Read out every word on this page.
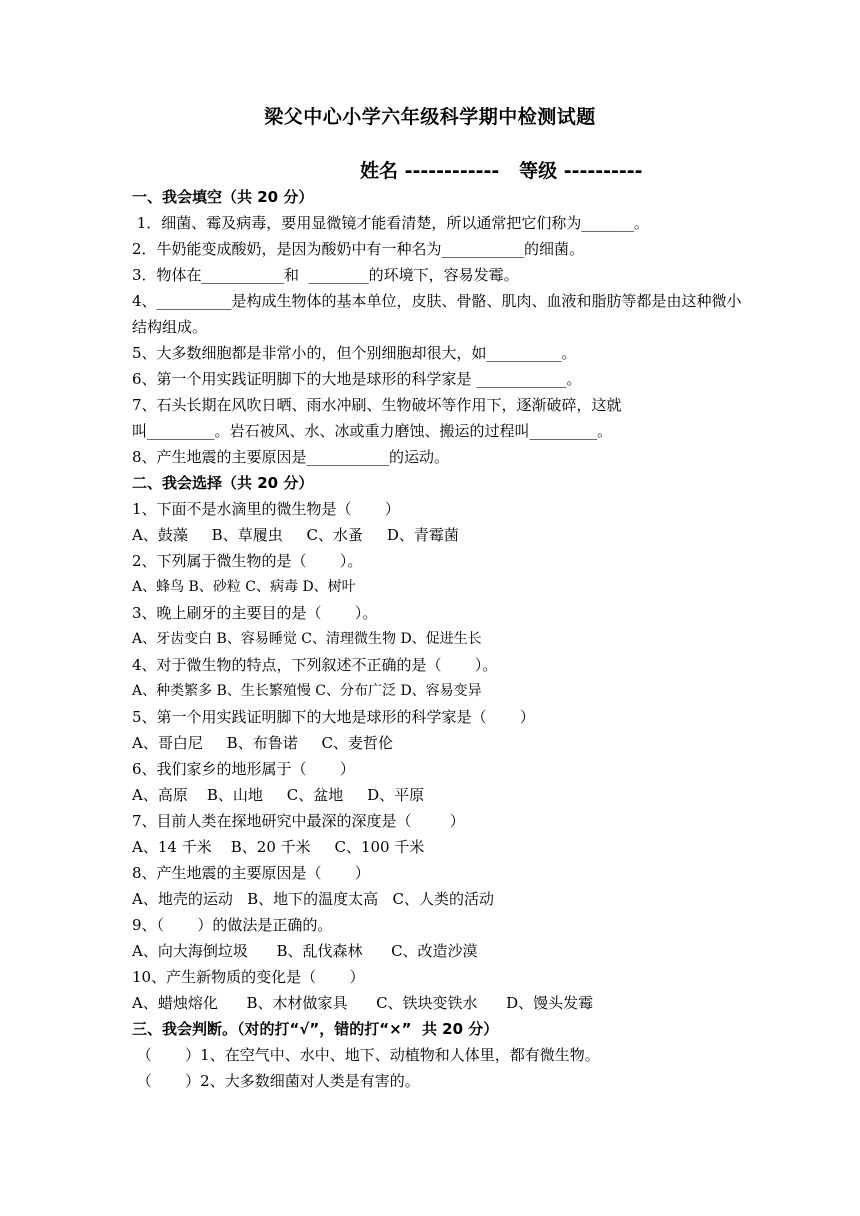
梁父中心小学六年级科学期中检测试题
姓名 ------------   等级 ----------
一、我会填空（共 20 分）
1．细菌、霉及病毒，要用显微镜才能看清楚，所以通常把它们称为_______。
2．牛奶能变成酸奶，是因为酸奶中有一种名为___________的细菌。
3．物体在___________和  ________的环境下，容易发霉。
4、__________是构成生物体的基本单位，皮肤、骨骼、肌肉、血液和脂肪等都是由这种微小结构组成。
5、大多数细胞都是非常小的，但个别细胞却很大，如__________。
6、第一个用实践证明脚下的大地是球形的科学家是 ____________。
7、石头长期在风吹日晒、雨水冲刷、生物破坏等作用下，逐渐破碎，这就
叫_________。岩石被风、水、冰或重力磨蚀、搬运的过程叫_________。
8、产生地震的主要原因是___________的运动。
二、我会选择（共 20 分）
1、下面不是水滴里的微生物是（       ）
A、鼓藻     B、草履虫     C、水蚤     D、青霉菌
2、下列属于微生物的是（       ）。
A、蜂鸟 B、砂粒 C、病毒 D、树叶
3、晚上刷牙的主要目的是（       ）。
A、牙齿变白 B、容易睡觉 C、清理微生物 D、促进生长
4、对于微生物的特点，下列叙述不正确的是（       ）。
A、种类繁多 B、生长繁殖慢 C、分布广泛 D、容易变异
5、第一个用实践证明脚下的大地是球形的科学家是（       ）
A、哥白尼     B、布鲁诺     C、麦哲伦
6、我们家乡的地形属于（       ）
A、高原    B、山地     C、盆地     D、平原
7、目前人类在探地研究中最深的深度是（        ）
A、14 千米    B、20 千米     C、100 千米
8、产生地震的主要原因是（       ）
A、地壳的运动   B、地下的温度太高   C、人类的活动
9、（       ）的做法是正确的。
A、向大海倒垃圾      B、乱伐森林      C、改造沙漠
10、产生新物质的变化是（       ）
A、蜡烛熔化      B、木材做家具      C、铁块变铁水      D、馒头发霉
三、我会判断。（对的打“√”，错的打“×”  共 20 分）
（       ）1、在空气中、水中、地下、动植物和人体里，都有微生物。
（       ）2、大多数细菌对人类是有害的。
